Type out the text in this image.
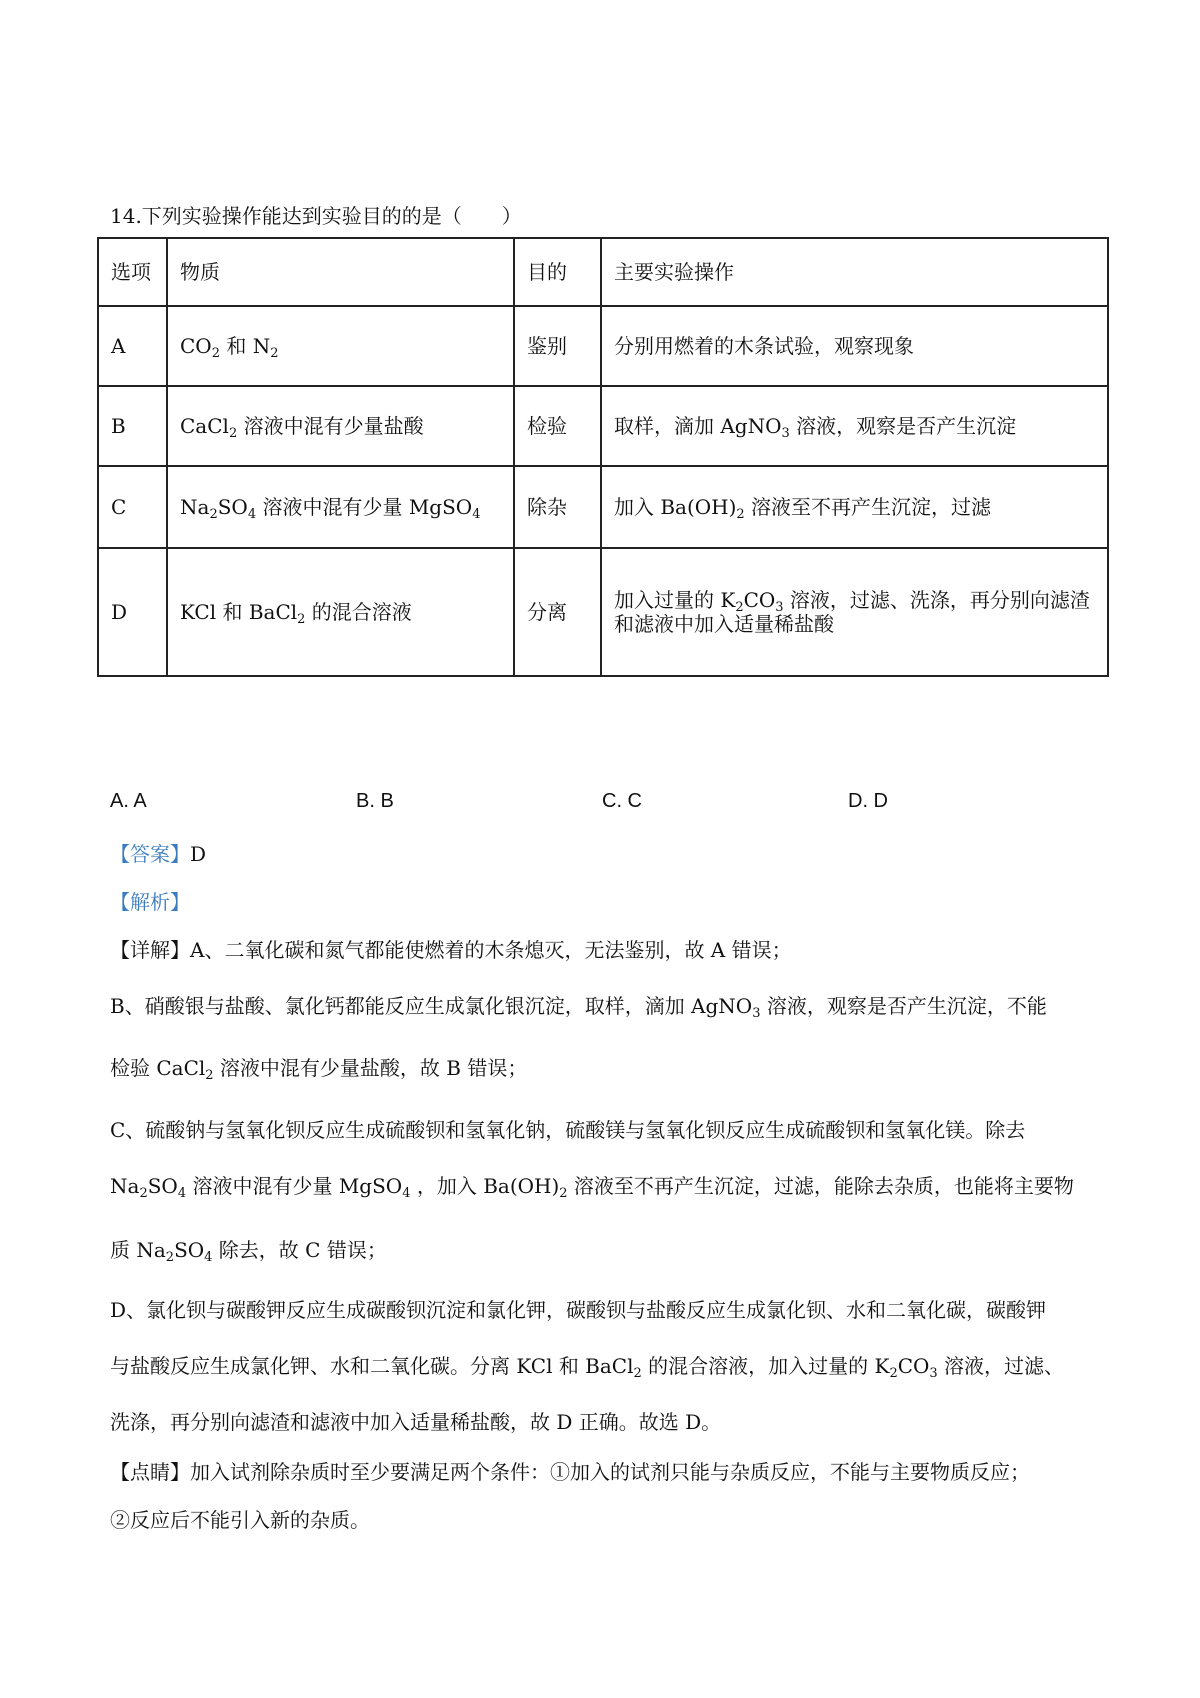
14.下列实验操作能达到实验目的的是（　　）
选项	物质	目的	主要实验操作
A	$CO_2$ 和 $N_2$	鉴别	分别用燃着的木条试验，观察现象
B	CaCl$_2$ 溶液中混有少量盐酸	检验	取样，滴加 AgNO$_3$ 溶液，观察是否产生沉淀
C	$Na_2SO_4$ 溶液中混有少量 MgSO$_4$	除杂	加入 $Ba(OH)_2$ 溶液至不再产生沉淀，过滤
D	KCl 和 BaCl$_2$ 的混合溶液	分离	加入过量的 $K_2CO_3$ 溶液，过滤、洗涤，再分别向滤渣
和滤液中加入适量稀盐酸
A. A	B. B	C. C	D. D
【答案】D
【解析】
【详解】A、二氧化碳和氮气都能使燃着的木条熄灭，无法鉴别，故 A 错误；
B、硝酸银与盐酸、氯化钙都能反应生成氯化银沉淀，取样，滴加 AgNO$_3$ 溶液，观察是否产生沉淀，不能
检验 CaCl$_2$ 溶液中混有少量盐酸，故 B 错误；
C、硫酸钠与氢氧化钡反应生成硫酸钡和氢氧化钠，硫酸镁与氢氧化钡反应生成硫酸钡和氢氧化镁。除去
$Na_2SO_4$ 溶液中混有少量 MgSO$_4$ ，加入 $Ba(OH)_2$ 溶液至不再产生沉淀，过滤，能除去杂质，也能将主要物
质 $Na_2SO_4$ 除去，故 C 错误；
D、氯化钡与碳酸钾反应生成碳酸钡沉淀和氯化钾，碳酸钡与盐酸反应生成氯化钡、水和二氧化碳，碳酸钾
与盐酸反应生成氯化钾、水和二氧化碳。分离 KCl 和 BaCl$_2$ 的混合溶液，加入过量的 $K_2CO_3$ 溶液，过滤、
洗涤，再分别向滤渣和滤液中加入适量稀盐酸，故 D 正确。故选 D。
【点睛】加入试剂除杂质时至少要满足两个条件：①加入的试剂只能与杂质反应，不能与主要物质反应；
②反应后不能引入新的杂质。
